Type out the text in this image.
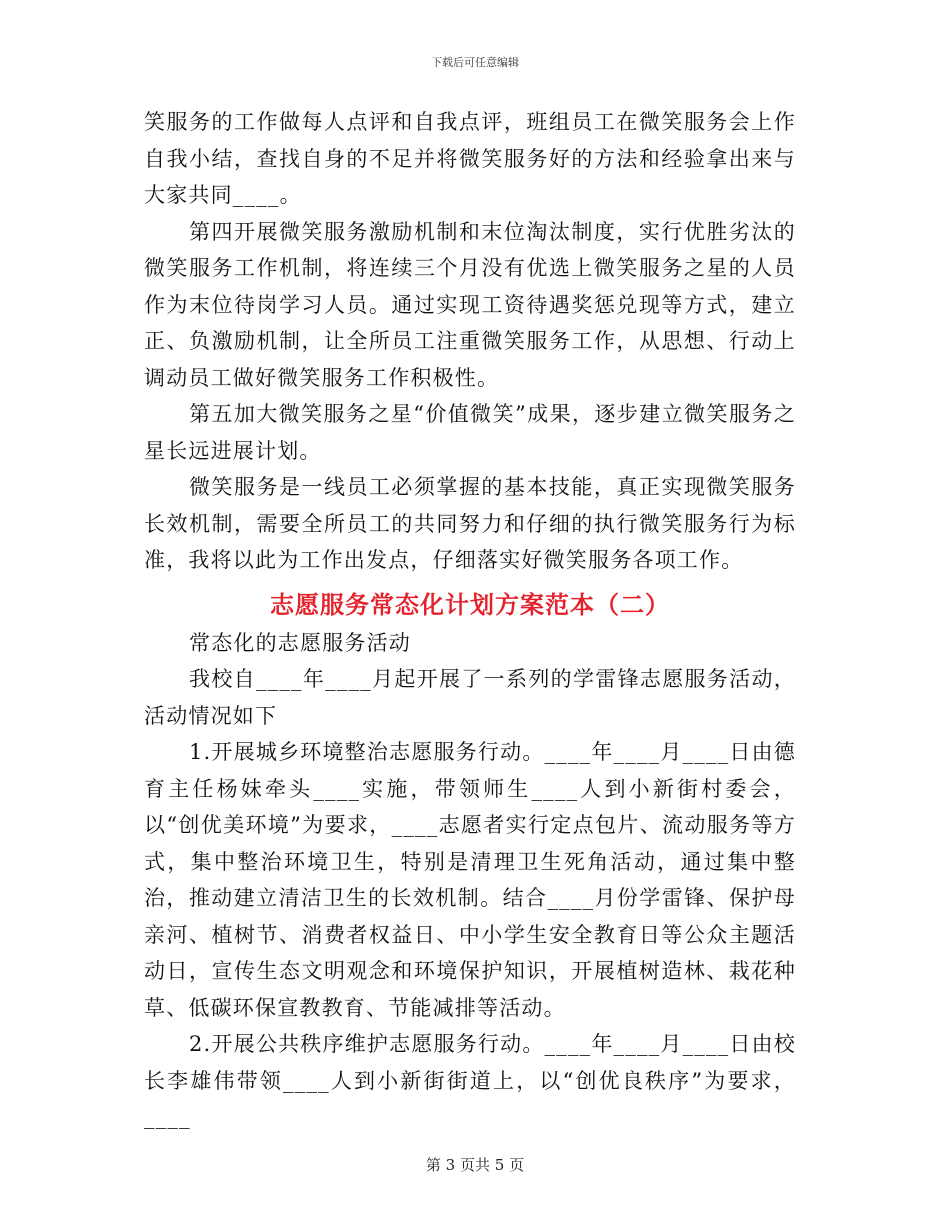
下载后可任意编辑

笑服务的工作做每人点评和自我点评，班组员工在微笑服务会上作自我小结，查找自身的不足并将微笑服务好的方法和经验拿出来与大家共同____。

第四开展微笑服务激励机制和末位淘汰制度，实行优胜劣汰的微笑服务工作机制，将连续三个月没有优选上微笑服务之星的人员作为末位待岗学习人员。通过实现工资待遇奖惩兑现等方式，建立正、负激励机制，让全所员工注重微笑服务工作，从思想、行动上调动员工做好微笑服务工作积极性。

第五加大微笑服务之星“价值微笑”成果，逐步建立微笑服务之星长远进展计划。

微笑服务是一线员工必须掌握的基本技能，真正实现微笑服务长效机制，需要全所员工的共同努力和仔细的执行微笑服务行为标准，我将以此为工作出发点，仔细落实好微笑服务各项工作。

志愿服务常态化计划方案范本（二）

常态化的志愿服务活动

我校自____年____月起开展了一系列的学雷锋志愿服务活动，活动情况如下

1.开展城乡环境整治志愿服务行动。____年____月____日由德育主任杨妹牵头____实施，带领师生____人到小新街村委会，以“创优美环境”为要求，____志愿者实行定点包片、流动服务等方式，集中整治环境卫生，特别是清理卫生死角活动，通过集中整治，推动建立清洁卫生的长效机制。结合____月份学雷锋、保护母亲河、植树节、消费者权益日、中小学生安全教育日等公众主题活动日，宣传生态文明观念和环境保护知识，开展植树造林、栽花种草、低碳环保宣教教育、节能减排等活动。

2.开展公共秩序维护志愿服务行动。____年____月____日由校长李雄伟带领____人到小新街街道上，以“创优良秩序”为要求，____

第 3 页共 5 页
